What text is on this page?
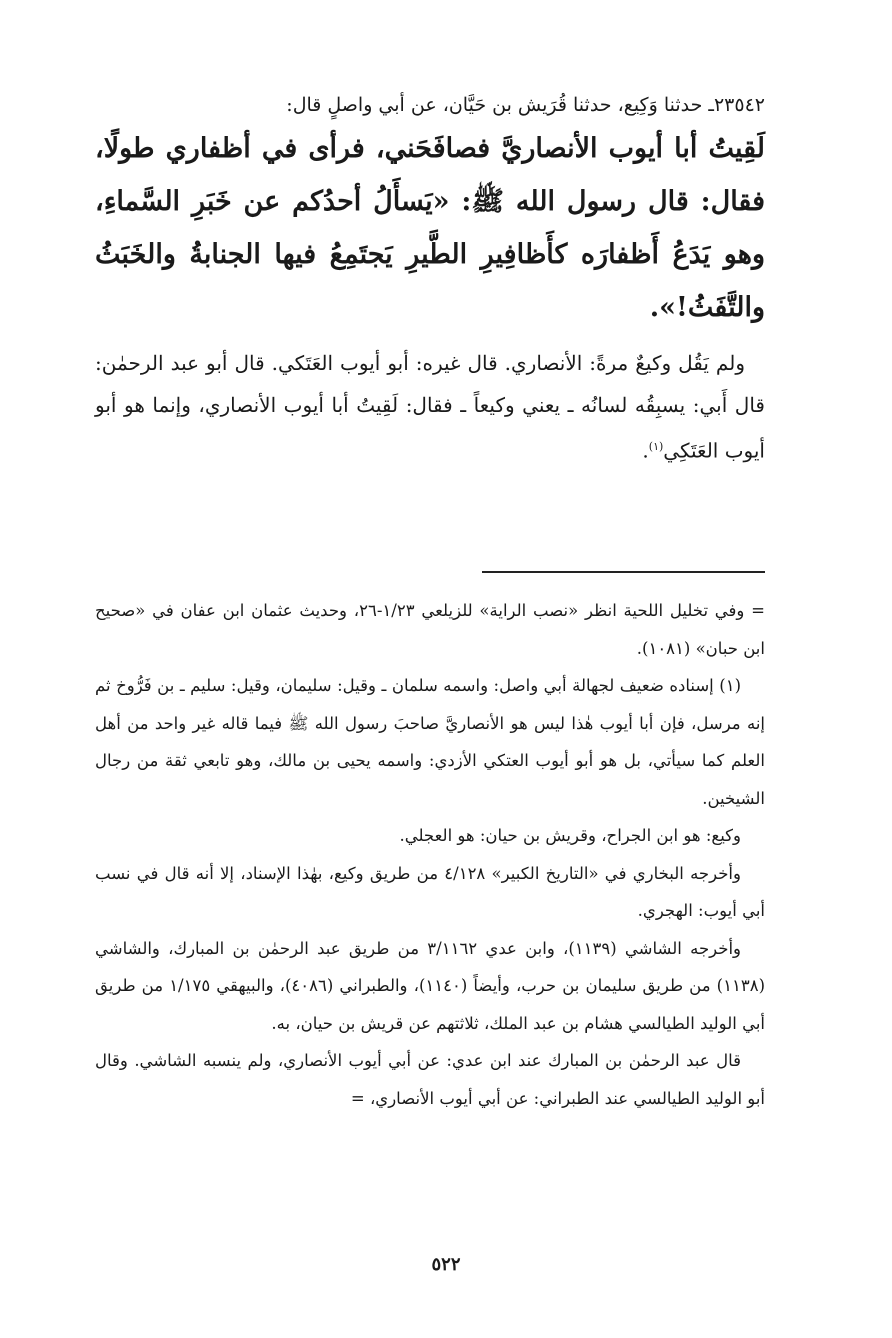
٢٣٥٤٢ـ حدثنا وَكِيع، حدثنا قُرَيش بن حَيَّان، عن أبي واصلٍ قال:

لَقِيتُ أبا أيوب الأنصاريَّ فصافَحَني، فرأى في أظفاري طولًا، فقال: قال رسول الله ﷺ: «يَسأَلُ أحدُكم عن خَبَرِ السَّماءِ، وهو يَدَعُ أَظفارَه كأَظافِيرِ الطَّيرِ يَجتَمِعُ فيها الجنابةُ والخَبَثُ والتَّفَثُ!».

ولم يَقُل وكيعٌ مرةً: الأنصاري. قال غيره: أبو أيوب العَتَكي. قال أبو عبد الرحمٰن: قال أَبي: يسبِقُه لسانُه ـ يعني وكيعاً ـ فقال: لَقِيتُ أبا أيوب الأنصاري، وإنما هو أبو أيوب العَتَكِي$^{(١)}$.

= وفي تخليل اللحية انظر «نصب الراية» للزيلعي ١/٢٣-٢٦، وحديث عثمان ابن عفان في «صحيح ابن حبان» (١٠٨١).

(١) إسناده ضعيف لجهالة أبي واصل: واسمه سلمان ـ وقيل: سليمان، وقيل: سليم ـ بن فَرُّوخ ثم إنه مرسل، فإن أبا أيوب هٰذا ليس هو الأنصاريَّ صاحبَ رسول الله ﷺ فيما قاله غير واحد من أهل العلم كما سيأتي، بل هو أبو أيوب العتكي الأزدي: واسمه يحيى بن مالك، وهو تابعي ثقة من رجال الشيخين.

وكيع: هو ابن الجراح، وقريش بن حيان: هو العجلي.

وأخرجه البخاري في «التاريخ الكبير» ٤/١٢٨ من طريق وكيع، بهٰذا الإسناد، إلا أنه قال في نسب أبي أيوب: الهجري.

وأخرجه الشاشي (١١٣٩)، وابن عدي ٣/١١٦٢ من طريق عبد الرحمٰن بن المبارك، والشاشي (١١٣٨) من طريق سليمان بن حرب، وأيضاً (١١٤٠)، والطبراني (٤٠٨٦)، والبيهقي ١/١٧٥ من طريق أبي الوليد الطيالسي هشام بن عبد الملك، ثلاثتهم عن قريش بن حيان، به.

قال عبد الرحمٰن بن المبارك عند ابن عدي: عن أبي أيوب الأنصاري، ولم ينسبه الشاشي. وقال أبو الوليد الطيالسي عند الطبراني: عن أبي أيوب الأنصاري، =

٥٢٢
